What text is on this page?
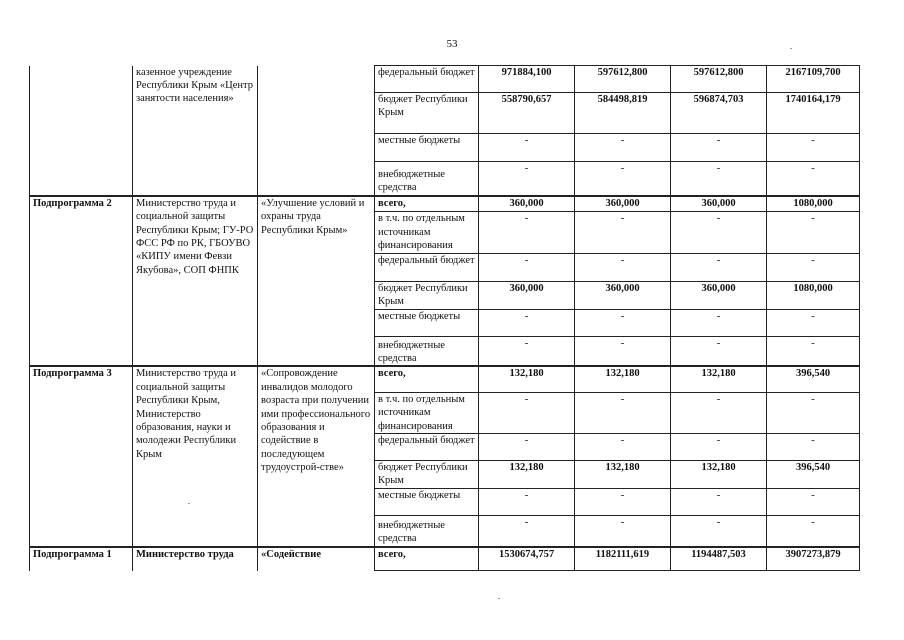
53
	казенное учреждение Республики Крым «Центр занятости населения»		федеральный бюджет	971884,100	597612,800	597612,800	2167109,700
			бюджет Республики Крым	558790,657	584498,819	596874,703	1740164,179
			местные бюджеты	-	-	-	-
			внебюджетные средства	-	-	-	-
Подпрограмма 2	Министерство труда и социальной защиты Республики Крым; ГУ-РО ФСС РФ по РК, ГБОУВО «КИПУ имени Февзи Якубова», СОП ФНПК	«Улучшение условий и охраны труда Республики Крым»	всего,	360,000	360,000	360,000	1080,000
			в т.ч. по отдельным источникам финансирования	-	-	-	-
			федеральный бюджет	-	-	-	-
			бюджет Республики Крым	360,000	360,000	360,000	1080,000
			местные бюджеты	-	-	-	-
			внебюджетные средства	-	-	-	-
Подпрограмма 3	Министерство труда и социальной защиты Республики Крым, Министерство образования, науки и молодежи Республики Крым	«Сопровождение инвалидов молодого возраста при получении ими профессионального образования и содействие в последующем трудоустрой-стве»	всего,	132,180	132,180	132,180	396,540
			в т.ч. по отдельным источникам финансирования	-	-	-	-
			федеральный бюджет	-	-	-	-
			бюджет Республики Крым	132,180	132,180	132,180	396,540
			местные бюджеты	-	-	-	-
			внебюджетные средства	-	-	-	-
Подпрограмма 1	Министерство труда	«Содействие	всего,	1530674,757	1182111,619	1194487,503	3907273,879
